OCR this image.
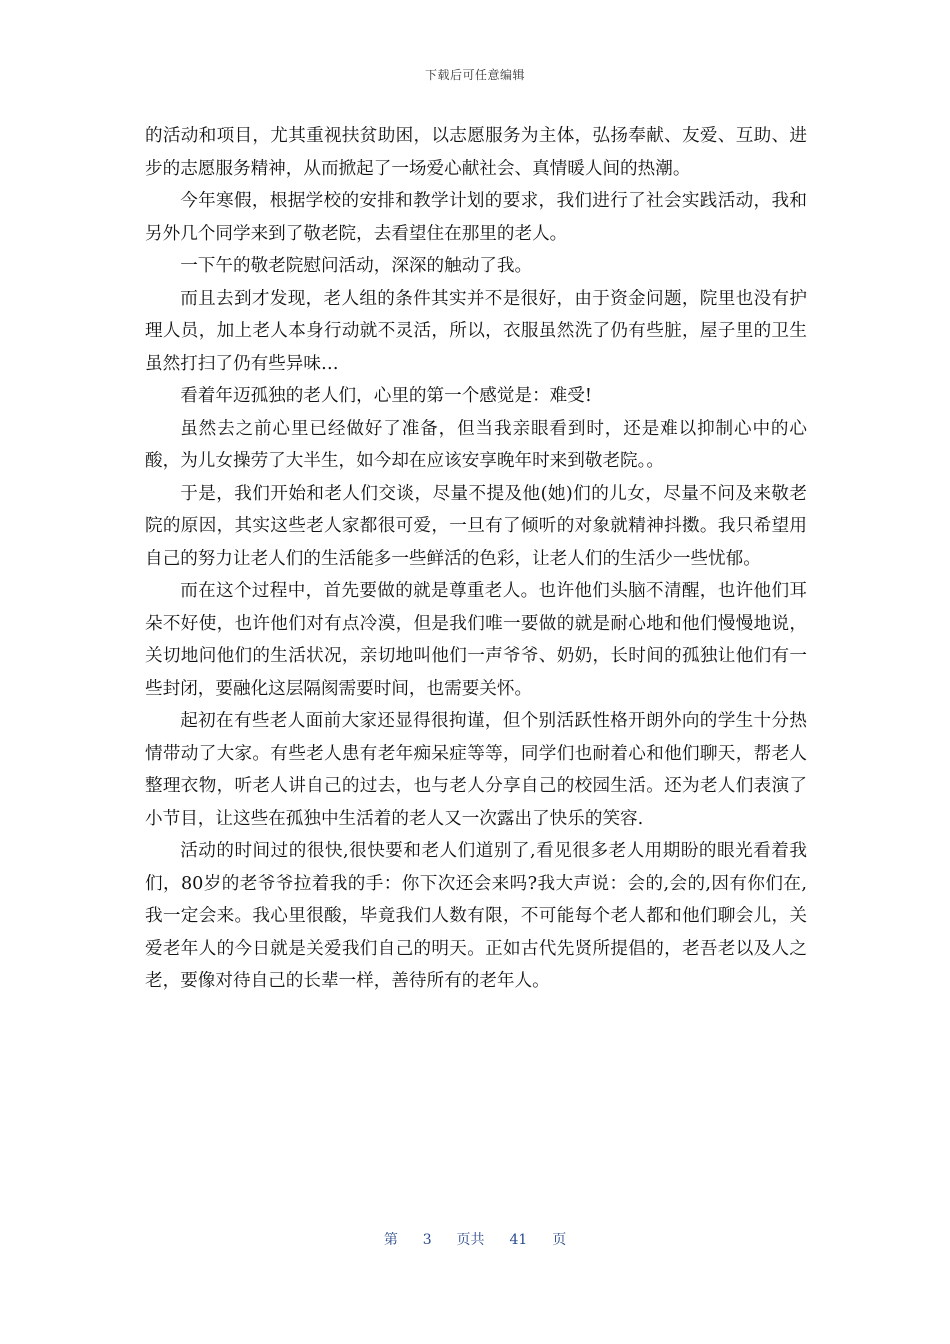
下载后可任意编辑

的活动和项目，尤其重视扶贫助困，以志愿服务为主体，弘扬奉献、友爱、互助、进步的志愿服务精神，从而掀起了一场爱心献社会、真情暖人间的热潮。

今年寒假，根据学校的安排和教学计划的要求，我们进行了社会实践活动，我和另外几个同学来到了敬老院，去看望住在那里的老人。

一下午的敬老院慰问活动，深深的触动了我。

而且去到才发现，老人组的条件其实并不是很好，由于资金问题，院里也没有护理人员，加上老人本身行动就不灵活，所以，衣服虽然洗了仍有些脏，屋子里的卫生虽然打扫了仍有些异味…

看着年迈孤独的老人们，心里的第一个感觉是：难受!

虽然去之前心里已经做好了准备，但当我亲眼看到时，还是难以抑制心中的心酸，为儿女操劳了大半生，如今却在应该安享晚年时来到敬老院。。

于是，我们开始和老人们交谈，尽量不提及他(她)们的儿女，尽量不问及来敬老院的原因，其实这些老人家都很可爱，一旦有了倾听的对象就精神抖擞。我只希望用自己的努力让老人们的生活能多一些鲜活的色彩，让老人们的生活少一些忧郁。

而在这个过程中，首先要做的就是尊重老人。也许他们头脑不清醒，也许他们耳朵不好使，也许他们对有点冷漠，但是我们唯一要做的就是耐心地和他们慢慢地说，关切地问他们的生活状况，亲切地叫他们一声爷爷、奶奶，长时间的孤独让他们有一些封闭，要融化这层隔阂需要时间，也需要关怀。

起初在有些老人面前大家还显得很拘谨，但个别活跃性格开朗外向的学生十分热情带动了大家。有些老人患有老年痴呆症等等，同学们也耐着心和他们聊天，帮老人整理衣物，听老人讲自己的过去，也与老人分享自己的校园生活。还为老人们表演了小节目，让这些在孤独中生活着的老人又一次露出了快乐的笑容.

活动的时间过的很快,很快要和老人们道别了,看见很多老人用期盼的眼光看着我们，80岁的老爷爷拉着我的手：你下次还会来吗?我大声说：会的,会的,因有你们在,我一定会来。我心里很酸，毕竟我们人数有限，不可能每个老人都和他们聊会儿，关爱老年人的今日就是关爱我们自己的明天。正如古代先贤所提倡的，老吾老以及人之老，要像对待自己的长辈一样，善待所有的老年人。

第 3 页共 41 页
